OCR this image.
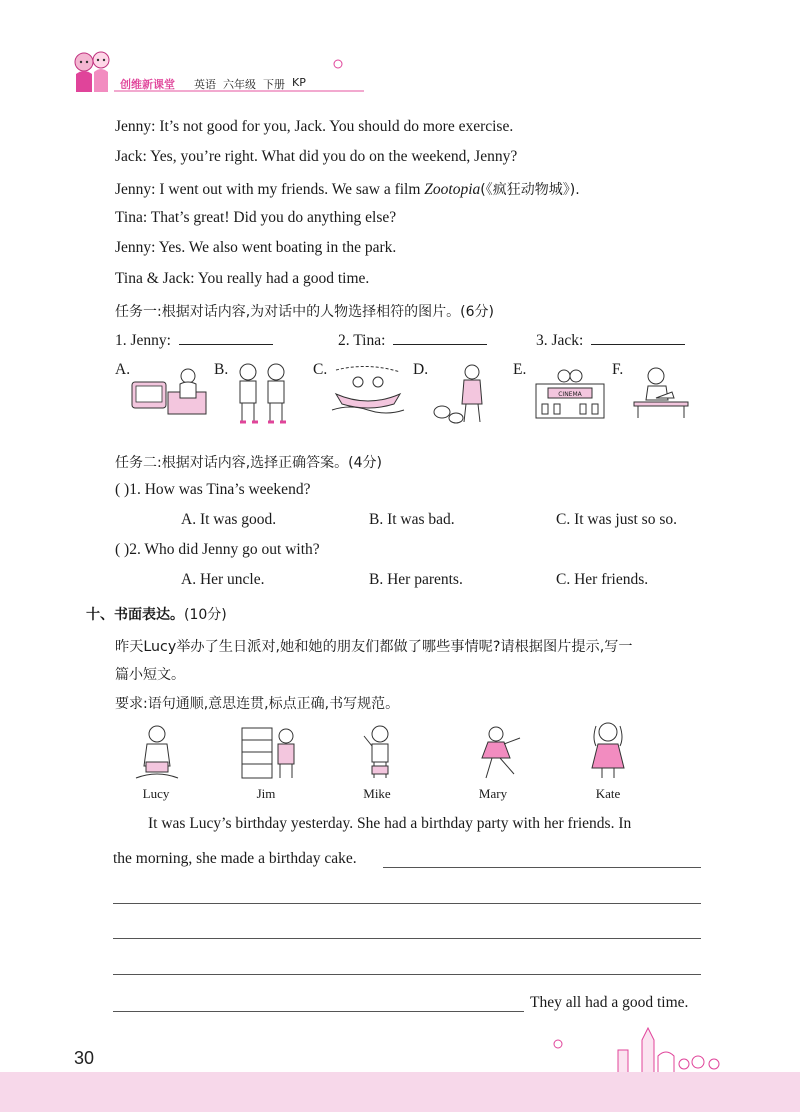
创维新课堂 英语 六年级 下册 KP
Jenny: It’s not good for you, Jack. You should do more exercise.
Jack: Yes, you’re right. What did you do on the weekend, Jenny?
Jenny: I went out with my friends. We saw a film Zootopia(《疯狂动物城》).
Tina: That’s great! Did you do anything else?
Jenny: Yes. We also went boating in the park.
Tina & Jack: You really had a good time.
任务一:根据对话内容,为对话中的人物选择相符的图片。(6分)
1. Jenny:	2. Tina:	3. Jack:
A.	B.	C.	D.	E.	F.
CINEMA
任务二:根据对话内容,选择正确答案。(4分)
( )1. How was Tina’s weekend?
A. It was good.	B. It was bad.	C. It was just so so.
( )2. Who did Jenny go out with?
A. Her uncle.	B. Her parents.	C. Her friends.
十、书面表达。(10分)
昨天Lucy举办了生日派对,她和她的朋友们都做了哪些事情呢?请根据图片提示,写一
篇小短文。
要求:语句通顺,意思连贯,标点正确,书写规范。
Lucy	Jim	Mike	Mary	Kate
It was Lucy’s birthday yesterday. She had a birthday party with her friends. In
the morning, she made a birthday cake.
They all had a good time.
30
